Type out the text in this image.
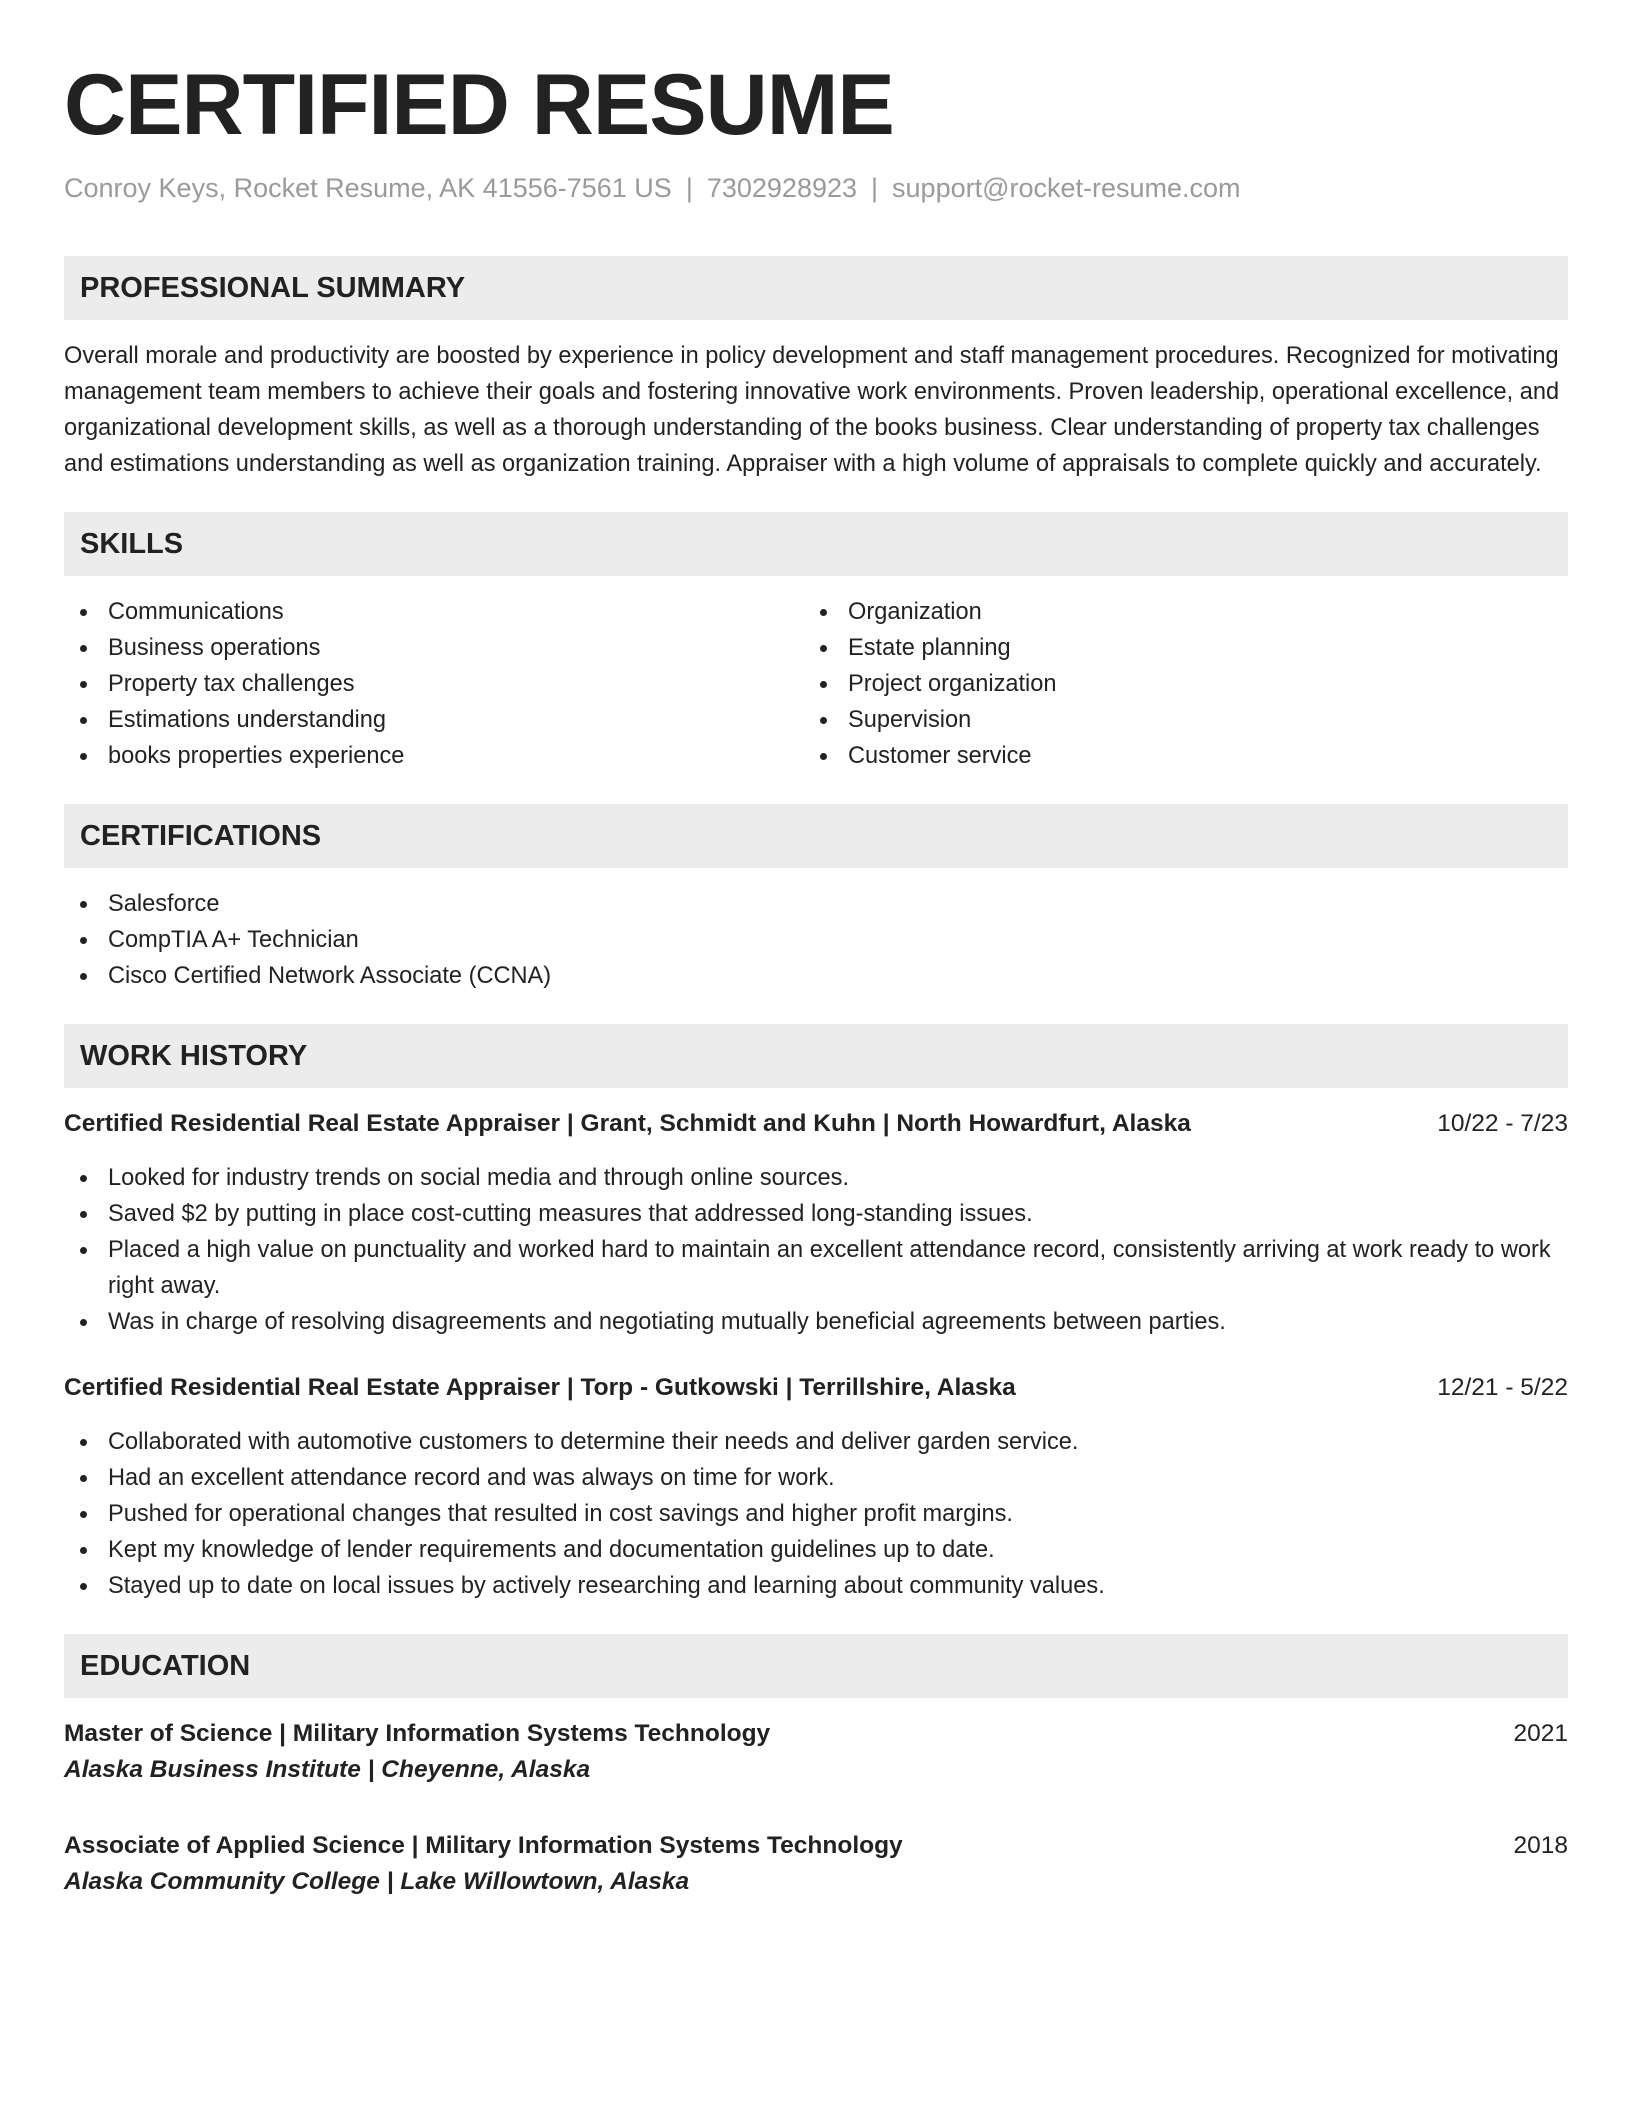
CERTIFIED RESUME
Conroy Keys, Rocket Resume, AK 41556-7561 US | 7302928923 | support@rocket-resume.com
PROFESSIONAL SUMMARY

Overall morale and productivity are boosted by experience in policy development and staff management procedures. Recognized for motivating management team members to achieve their goals and fostering innovative work environments. Proven leadership, operational excellence, and organizational development skills, as well as a thorough understanding of the books business. Clear understanding of property tax challenges and estimations understanding as well as organization training. Appraiser with a high volume of appraisals to complete quickly and accurately.

SKILLS
Communications
Business operations
Property tax challenges
Estimations understanding
books properties experience
Organization
Estate planning
Project organization
Supervision
Customer service
CERTIFICATIONS
Salesforce
CompTIA A+ Technician
Cisco Certified Network Associate (CCNA)
WORK HISTORY
Certified Residential Real Estate Appraiser | Grant, Schmidt and Kuhn | North Howardfurt, Alaska	10/22 - 7/23
Looked for industry trends on social media and through online sources.
Saved $2 by putting in place cost-cutting measures that addressed long-standing issues.
Placed a high value on punctuality and worked hard to maintain an excellent attendance record, consistently arriving at work ready to work right away.
Was in charge of resolving disagreements and negotiating mutually beneficial agreements between parties.
Certified Residential Real Estate Appraiser | Torp - Gutkowski | Terrillshire, Alaska	12/21 - 5/22
Collaborated with automotive customers to determine their needs and deliver garden service.
Had an excellent attendance record and was always on time for work.
Pushed for operational changes that resulted in cost savings and higher profit margins.
Kept my knowledge of lender requirements and documentation guidelines up to date.
Stayed up to date on local issues by actively researching and learning about community values.
EDUCATION
Master of Science | Military Information Systems Technology	2021
Alaska Business Institute | Cheyenne, Alaska
Associate of Applied Science | Military Information Systems Technology	2018
Alaska Community College | Lake Willowtown, Alaska
